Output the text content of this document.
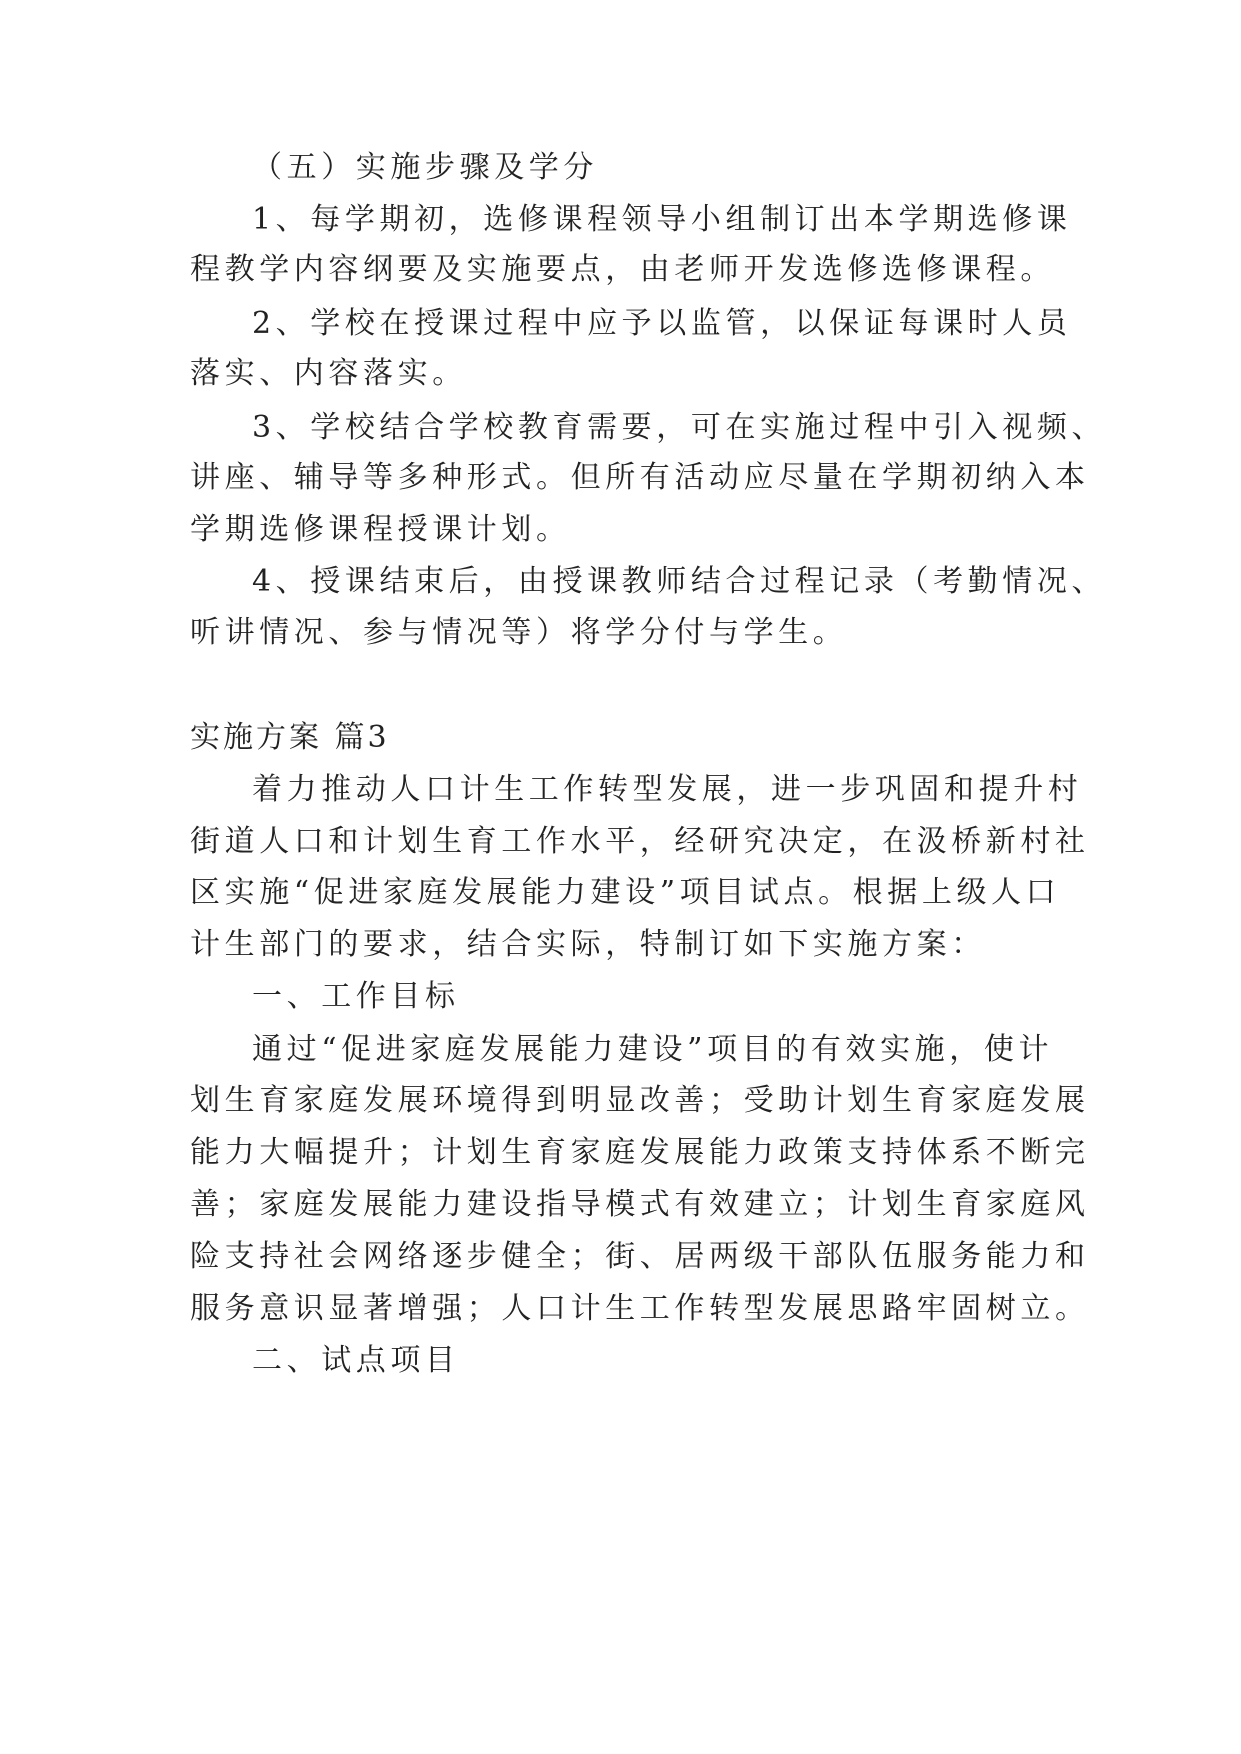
（五）实施步骤及学分
1、每学期初，选修课程领导小组制订出本学期选修课
程教学内容纲要及实施要点，由老师开发选修选修课程。
2、学校在授课过程中应予以监管，以保证每课时人员
落实、内容落实。
3、学校结合学校教育需要，可在实施过程中引入视频、
讲座、辅导等多种形式。但所有活动应尽量在学期初纳入本
学期选修课程授课计划。
4、授课结束后，由授课教师结合过程记录（考勤情况、
听讲情况、参与情况等）将学分付与学生。
实施方案 篇3
着力推动人口计生工作转型发展，进一步巩固和提升村
街道人口和计划生育工作水平，经研究决定，在汲桥新村社
区实施“促进家庭发展能力建设”项目试点。根据上级人口
计生部门的要求，结合实际，特制订如下实施方案：
一、工作目标
通过“促进家庭发展能力建设”项目的有效实施，使计
划生育家庭发展环境得到明显改善；受助计划生育家庭发展
能力大幅提升；计划生育家庭发展能力政策支持体系不断完
善；家庭发展能力建设指导模式有效建立；计划生育家庭风
险支持社会网络逐步健全；街、居两级干部队伍服务能力和
服务意识显著增强；人口计生工作转型发展思路牢固树立。
二、试点项目
